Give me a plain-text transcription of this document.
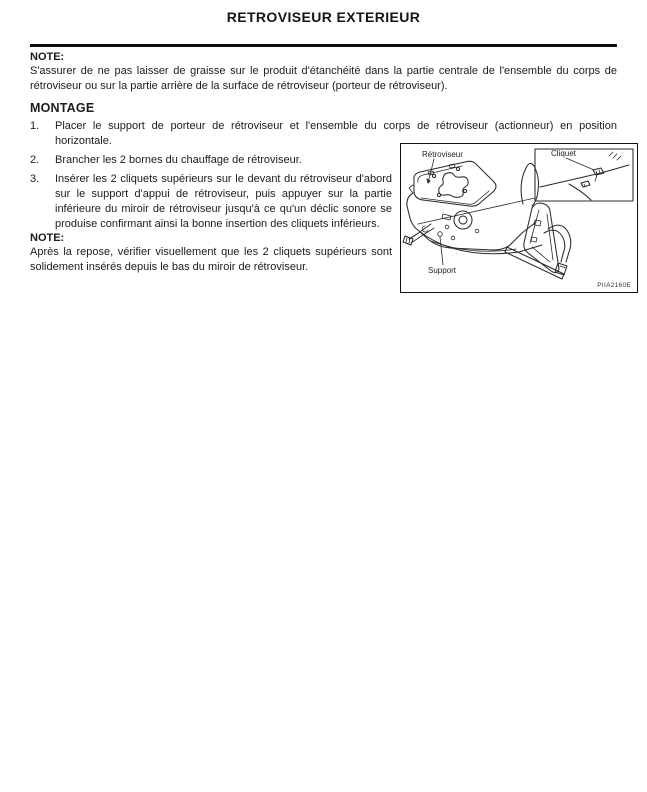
RETROVISEUR EXTERIEUR
NOTE:
S'assurer de ne pas laisser de graisse sur le produit d'étanchéité dans la partie centrale de l'ensemble du corps de rétroviseur ou sur la partie arrière de la surface de rétroviseur (porteur de rétroviseur).
MONTAGE
1.	Placer le support de porteur de rétroviseur et l'ensemble du corps de rétroviseur (actionneur) en position horizontale.
2.	Brancher les 2 bornes du chauffage de rétroviseur.
3.	Insérer les 2 cliquets supérieurs sur le devant du rétroviseur d'abord sur le support d'appui de rétroviseur, puis appuyer sur la partie inférieure du miroir de rétroviseur jusqu'à ce qu'un déclic sonore se produise confirmant ainsi la bonne insertion des cliquets inférieurs.
NOTE:
Après la repose, vérifier visuellement que les 2 cliquets supérieurs sont solidement insérés depuis le bas du miroir de rétroviseur.
Rétroviseur	Cliquet
Support
PIIA2160E
